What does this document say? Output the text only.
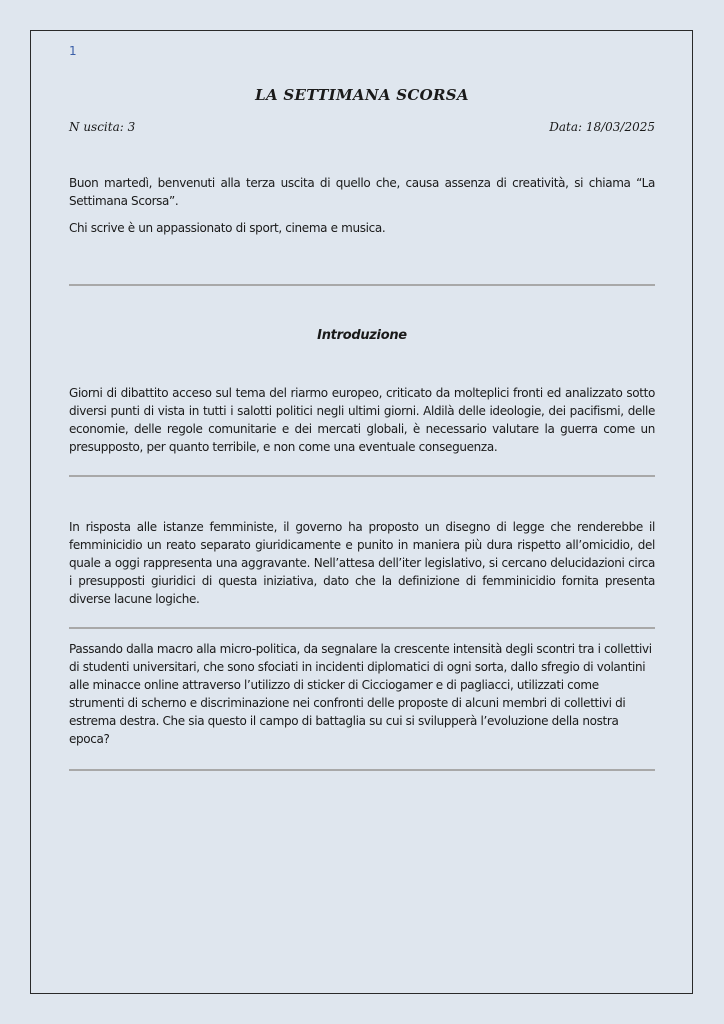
1
LA SETTIMANA SCORSA
N uscita: 3	Data: 18/03/2025

Buon martedì, benvenuti alla terza uscita di quello che, causa assenza di creatività, si chiama “La Settimana Scorsa”.

Chi scrive è un appassionato di sport, cinema e musica.

Introduzione

Giorni di dibattito acceso sul tema del riarmo europeo, criticato da molteplici fronti ed analizzato sotto diversi punti di vista in tutti i salotti politici negli ultimi giorni. Aldilà delle ideologie, dei pacifismi, delle economie, delle regole comunitarie e dei mercati globali, è necessario valutare la guerra come un presupposto, per quanto terribile, e non come una eventuale conseguenza.

In risposta alle istanze femministe, il governo ha proposto un disegno di legge che renderebbe il femminicidio un reato separato giuridicamente e punito in maniera più dura rispetto all’omicidio, del quale a oggi rappresenta una aggravante. Nell’attesa dell’iter legislativo, si cercano delucidazioni circa i presupposti giuridici di questa iniziativa, dato che la definizione di femminicidio fornita presenta diverse lacune logiche.

Passando dalla macro alla micro-politica, da segnalare la crescente intensità degli scontri tra i collettivi di studenti universitari, che sono sfociati in incidenti diplomatici di ogni sorta, dallo sfregio di volantini alle minacce online attraverso l’utilizzo di sticker di Cicciogamer e di pagliacci, utilizzati come strumenti di scherno e discriminazione nei confronti delle proposte di alcuni membri di collettivi di estrema destra. Che sia questo il campo di battaglia su cui si svilupperà l’evoluzione della nostra epoca?
